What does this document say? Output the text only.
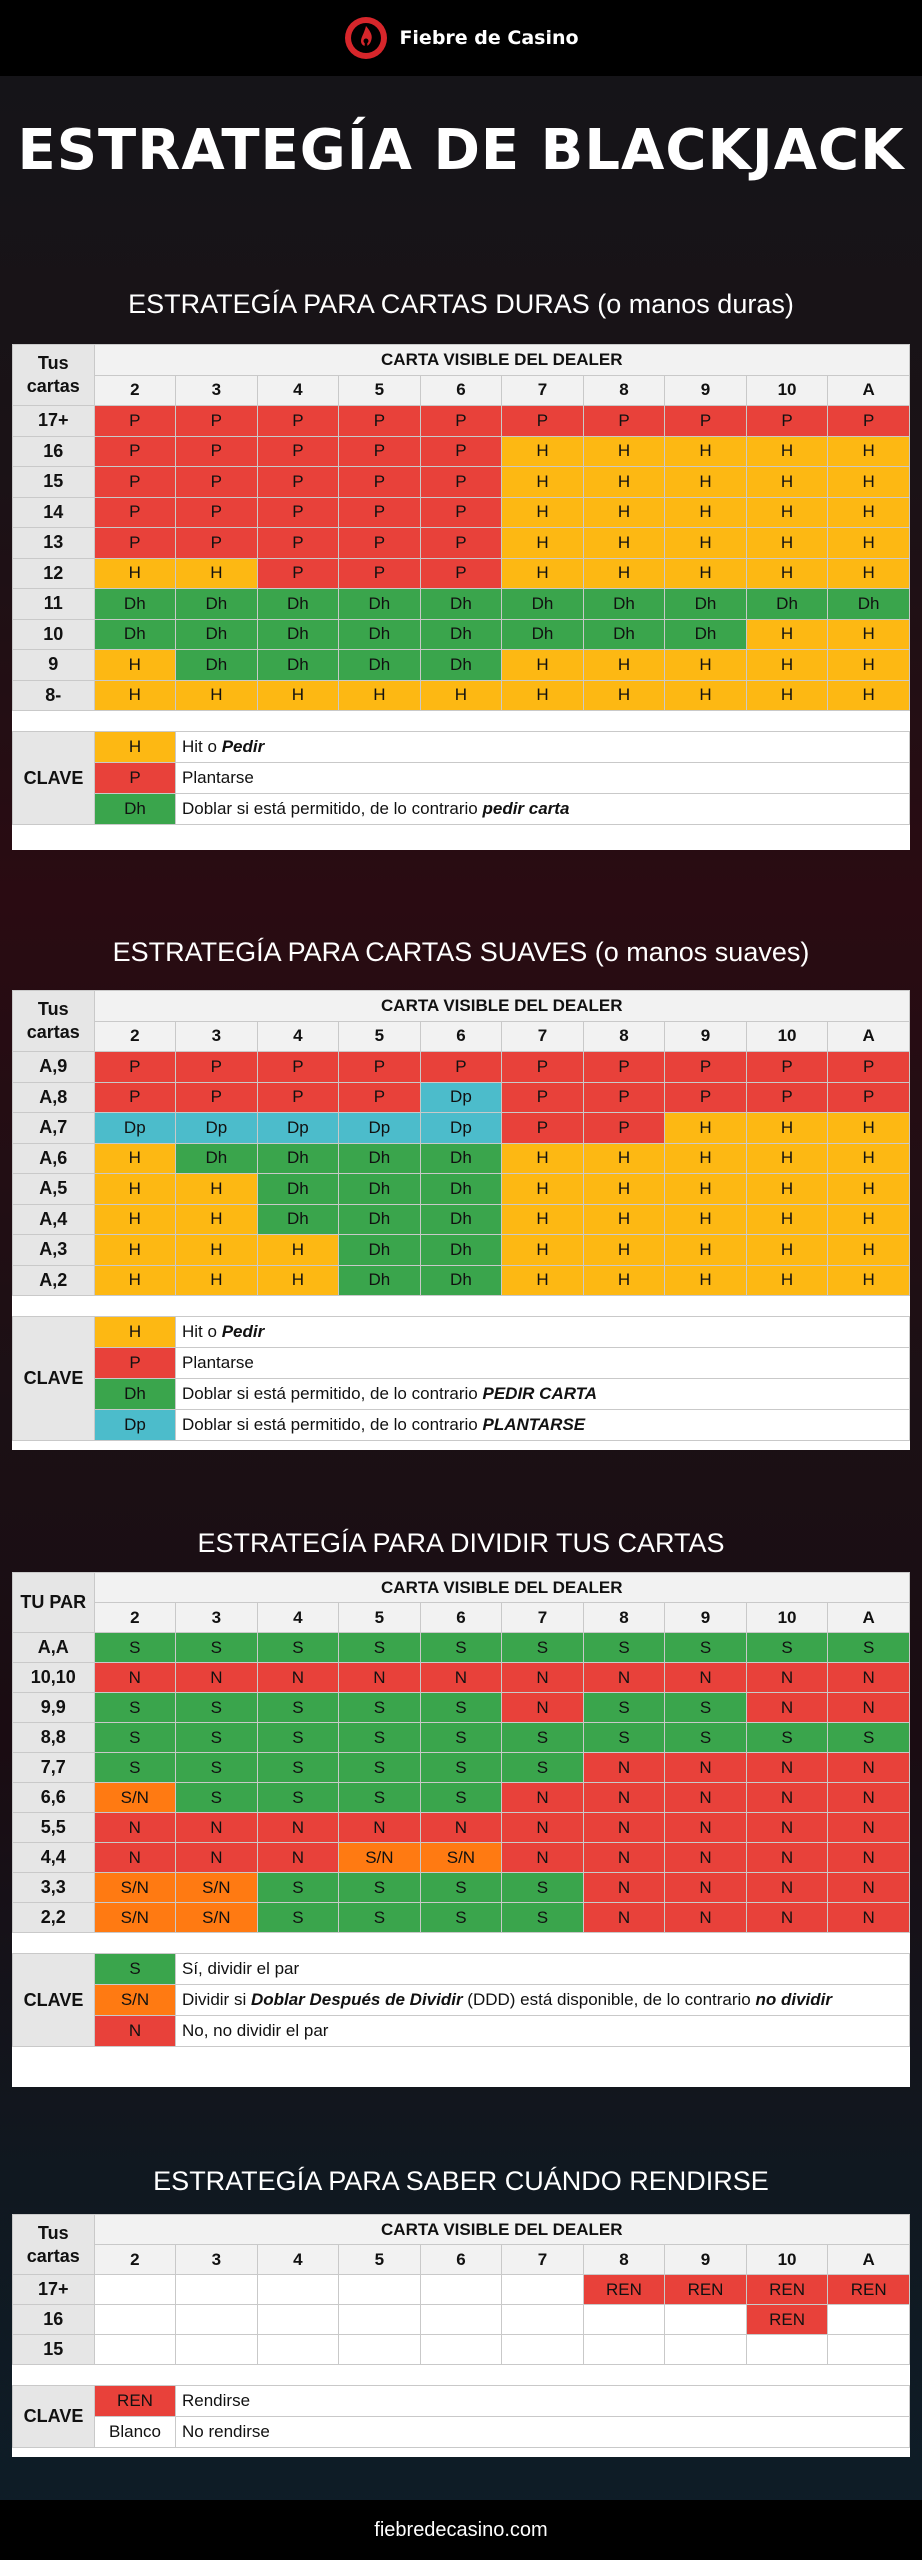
Fiebre de Casino
ESTRATEGÍA DE BLACKJACK
ESTRATEGÍA PARA CARTAS DURAS (o manos duras)
Tus cartas	CARTA VISIBLE DEL DEALER									
	2	3	4	5	6	7	8	9	10	A
17+	P	P	P	P	P	P	P	P	P	P
16	P	P	P	P	P	H	H	H	H	H
15	P	P	P	P	P	H	H	H	H	H
14	P	P	P	P	P	H	H	H	H	H
13	P	P	P	P	P	H	H	H	H	H
12	H	H	P	P	P	H	H	H	H	H
11	Dh	Dh	Dh	Dh	Dh	Dh	Dh	Dh	Dh	Dh
10	Dh	Dh	Dh	Dh	Dh	Dh	Dh	Dh	H	H
9	H	Dh	Dh	Dh	Dh	H	H	H	H	H
8-	H	H	H	H	H	H	H	H	H	H
CLAVE	H	Hit o Pedir
	P	Plantarse
	Dh	Doblar si está permitido, de lo contrario pedir carta
ESTRATEGÍA PARA CARTAS SUAVES (o manos suaves)
Tus cartas	CARTA VISIBLE DEL DEALER									
	2	3	4	5	6	7	8	9	10	A
A,9	P	P	P	P	P	P	P	P	P	P
A,8	P	P	P	P	Dp	P	P	P	P	P
A,7	Dp	Dp	Dp	Dp	Dp	P	P	H	H	H
A,6	H	Dh	Dh	Dh	Dh	H	H	H	H	H
A,5	H	H	Dh	Dh	Dh	H	H	H	H	H
A,4	H	H	Dh	Dh	Dh	H	H	H	H	H
A,3	H	H	H	Dh	Dh	H	H	H	H	H
A,2	H	H	H	Dh	Dh	H	H	H	H	H
CLAVE	H	Hit o Pedir
	P	Plantarse
	Dh	Doblar si está permitido, de lo contrario PEDIR CARTA
	Dp	Doblar si está permitido, de lo contrario PLANTARSE
ESTRATEGÍA PARA DIVIDIR TUS CARTAS
TU PAR	CARTA VISIBLE DEL DEALER									
	2	3	4	5	6	7	8	9	10	A
A,A	S	S	S	S	S	S	S	S	S	S
10,10	N	N	N	N	N	N	N	N	N	N
9,9	S	S	S	S	S	N	S	S	N	N
8,8	S	S	S	S	S	S	S	S	S	S
7,7	S	S	S	S	S	S	N	N	N	N
6,6	S/N	S	S	S	S	N	N	N	N	N
5,5	N	N	N	N	N	N	N	N	N	N
4,4	N	N	N	S/N	S/N	N	N	N	N	N
3,3	S/N	S/N	S	S	S	S	N	N	N	N
2,2	S/N	S/N	S	S	S	S	N	N	N	N
CLAVE	S	Sí, dividir el par
	S/N	Dividir si Doblar Después de Dividir (DDD) está disponible, de lo contrario no dividir
	N	No, no dividir el par
ESTRATEGÍA PARA SABER CUÁNDO RENDIRSE
Tus cartas	CARTA VISIBLE DEL DEALER									
	2	3	4	5	6	7	8	9	10	A
17+							REN	REN	REN	REN
16									REN	
15										
CLAVE	REN	Rendirse
	Blanco	No rendirse
fiebredecasino.com
